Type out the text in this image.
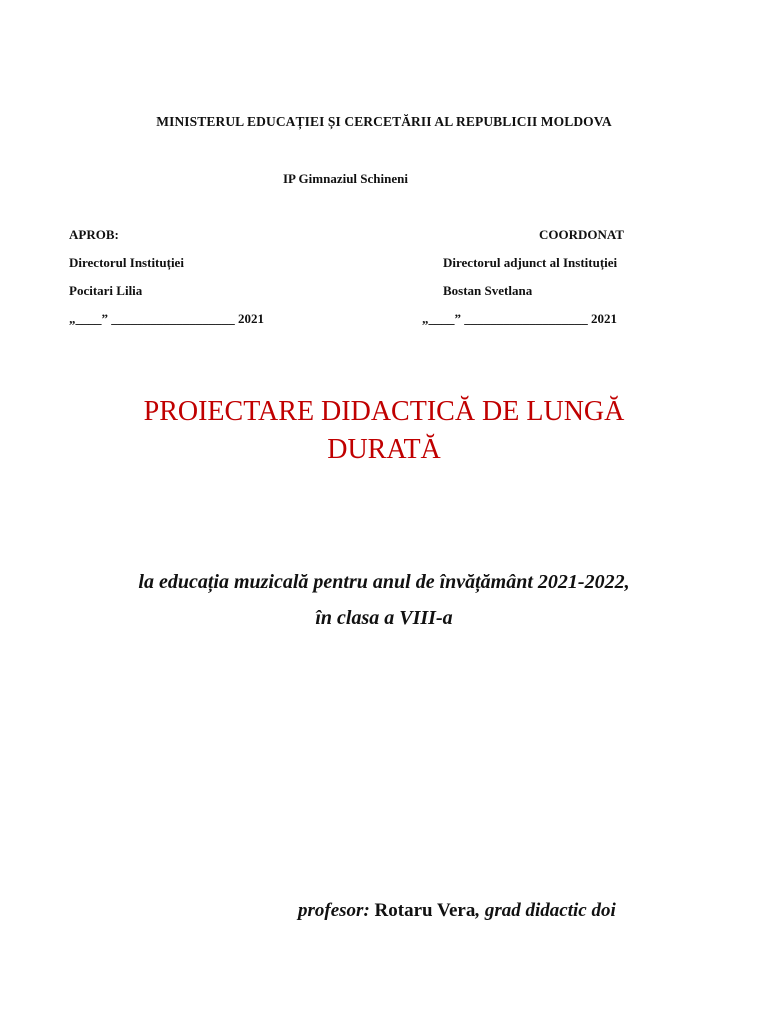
MINISTERUL EDUCAȚIEI ȘI CERCETĂRII AL REPUBLICII MOLDOVA
IP Gimnaziul Schineni
APROB:
Directorul Instituției
Pocitari Lilia
„____” ___________________ 2021
COORDONAT
Directorul adjunct al Instituției
Bostan Svetlana
„____” ___________________ 2021
PROIECTARE DIDACTICĂ DE LUNGĂ
DURATĂ
la educația muzicală pentru anul de învățământ 2021-2022,
în clasa a VIII-a
profesor: Rotaru Vera, grad didactic doi
